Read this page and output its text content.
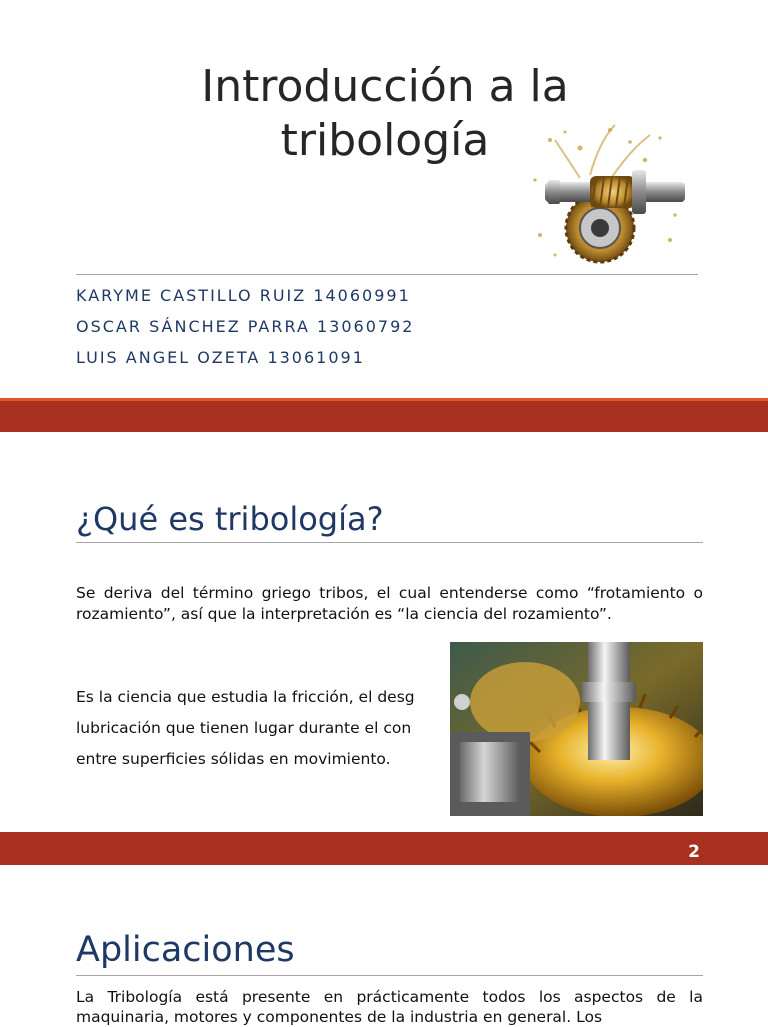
Introducción a la
tribología
KARYME CASTILLO RUIZ 14060991
OSCAR SÁNCHEZ PARRA 13060792
LUIS ANGEL OZETA 13061091
¿Qué es tribología?
Se deriva del término griego tribos, el cual entenderse como “frotamiento o rozamiento”, así que la interpretación es “la ciencia del rozamiento”.
Es la ciencia que estudia la fricción, el desg
lubricación que tienen lugar durante el con
entre superficies sólidas en movimiento.
2
Aplicaciones
La Tribología está presente en prácticamente todos los aspectos de la maquinaria, motores y componentes de la industria en general. Los
